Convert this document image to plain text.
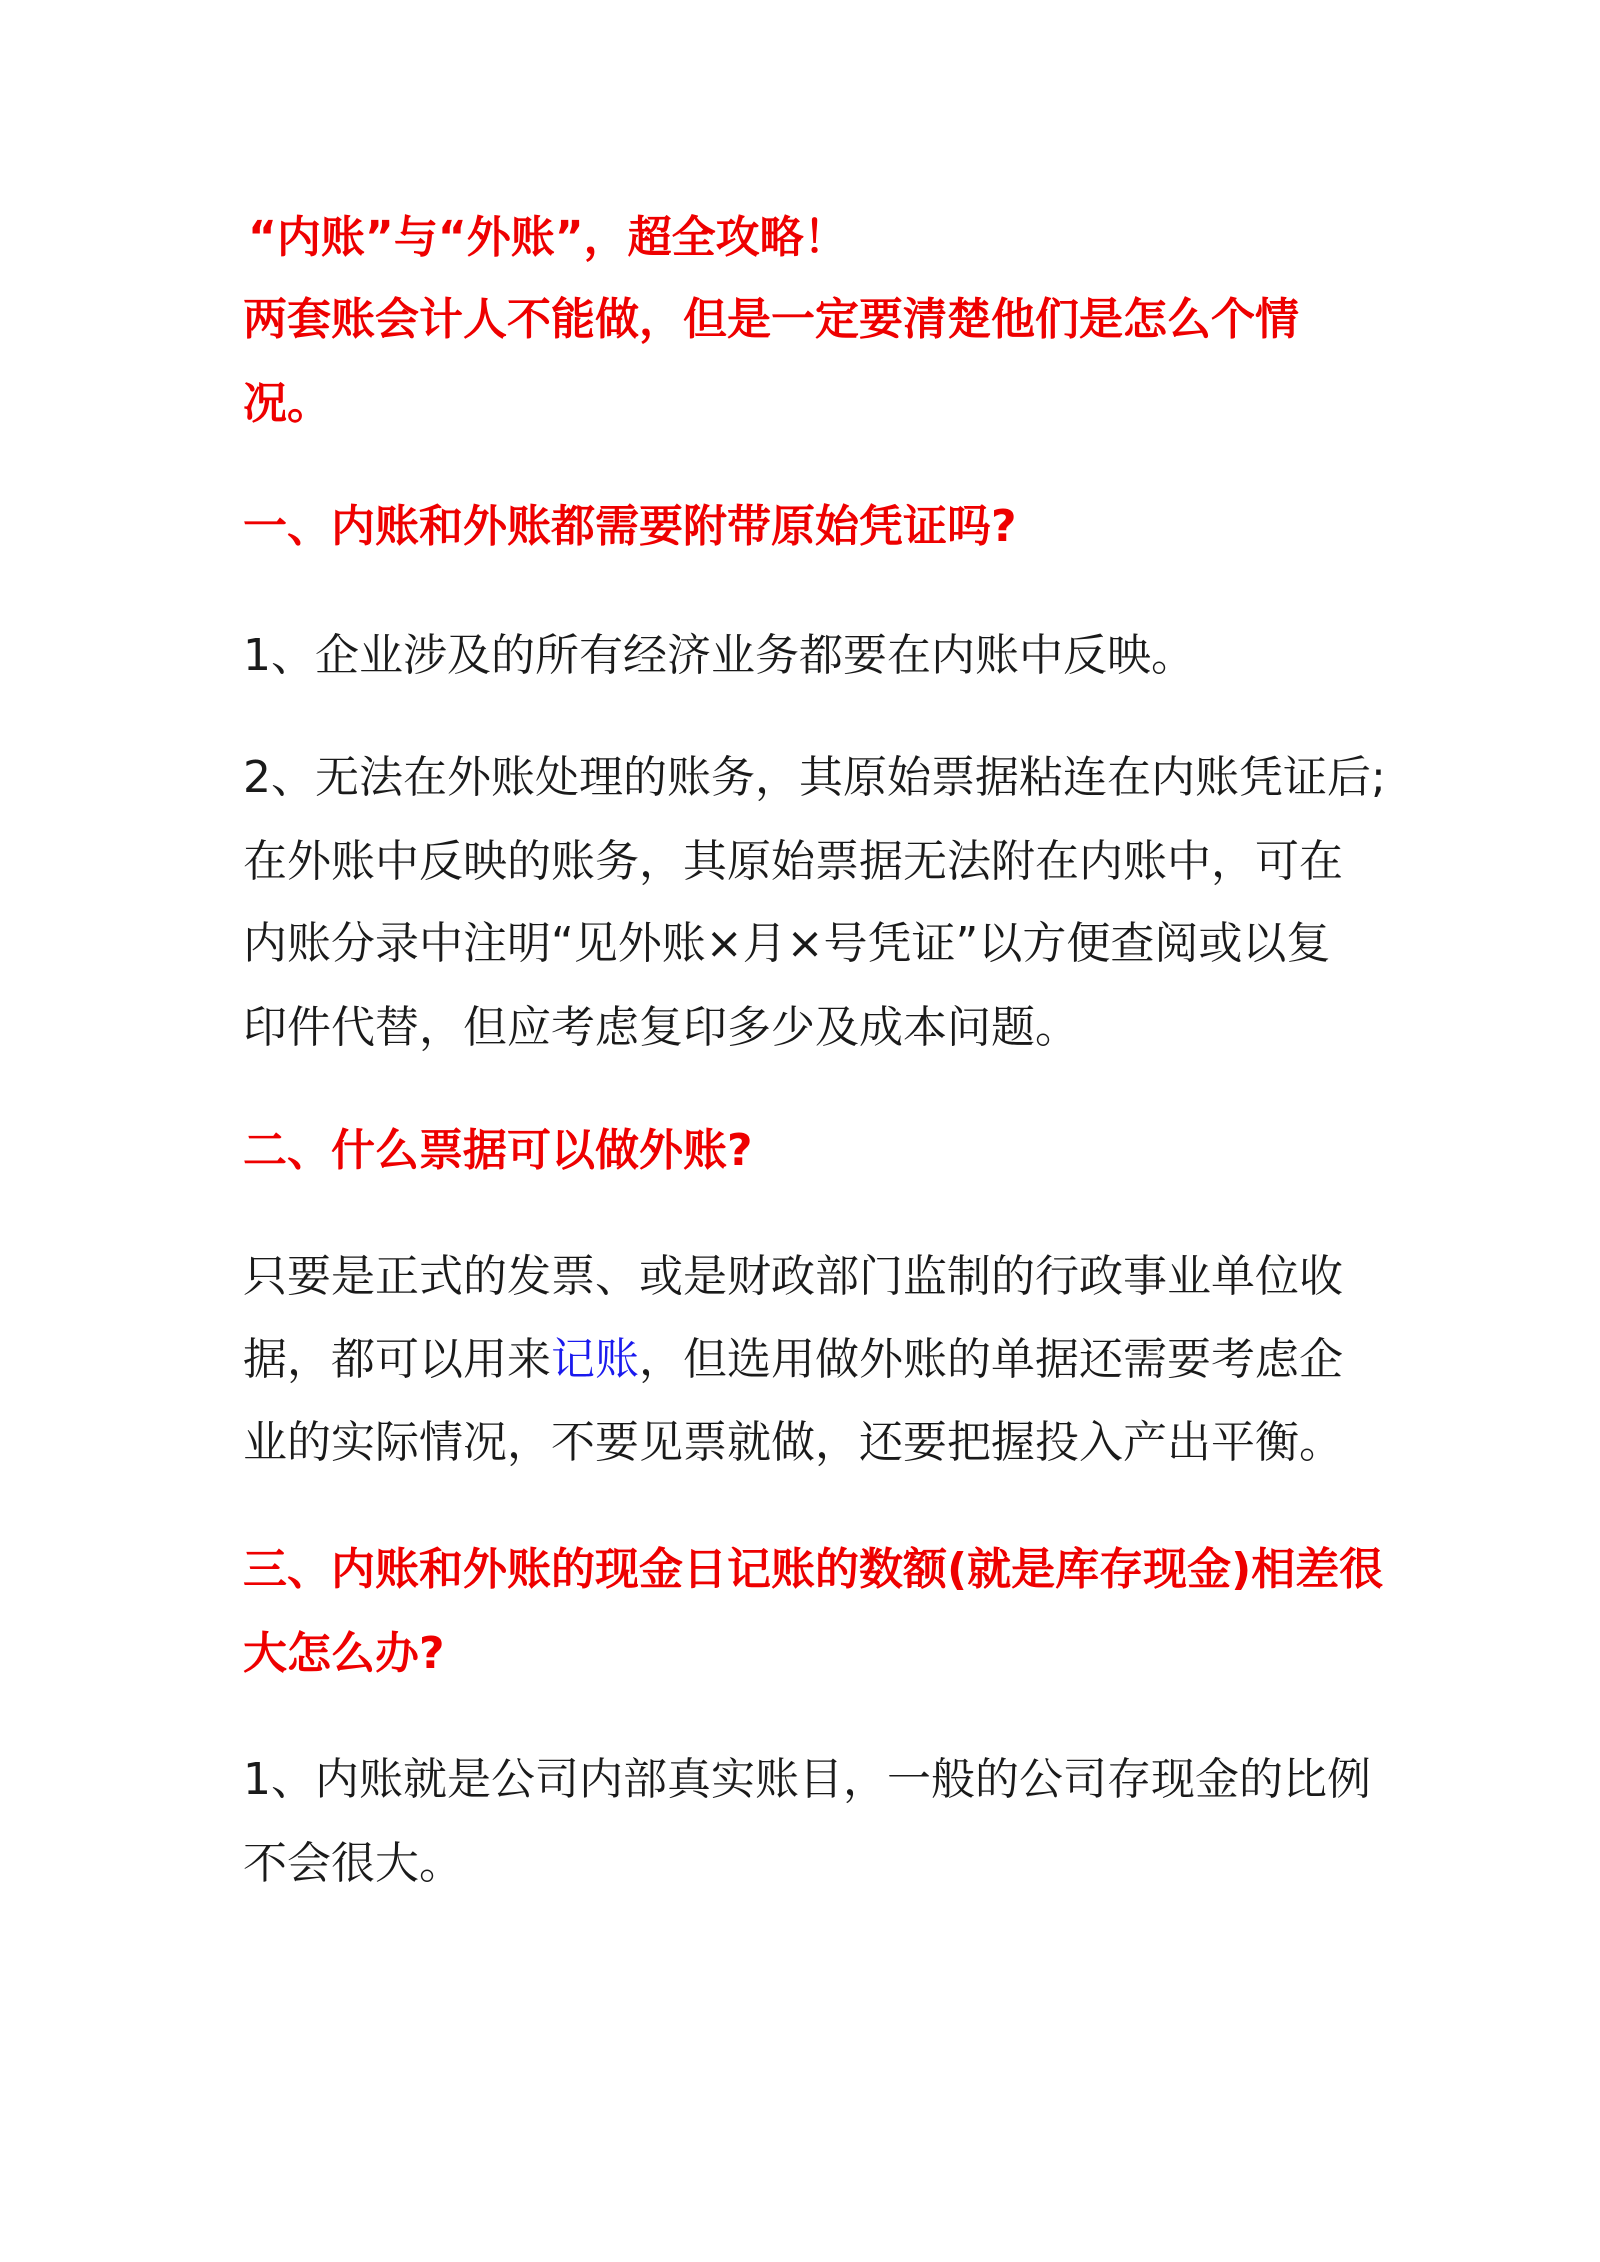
“内账”与“外账”，超全攻略！
两套账会计人不能做，但是一定要清楚他们是怎么个情
况。
一、内账和外账都需要附带原始凭证吗?
1、企业涉及的所有经济业务都要在内账中反映。
2、无法在外账处理的账务，其原始票据粘连在内账凭证后;
在外账中反映的账务，其原始票据无法附在内账中，可在
内账分录中注明“见外账×月×号凭证”以方便查阅或以复
印件代替，但应考虑复印多少及成本问题。
二、什么票据可以做外账?
只要是正式的发票、或是财政部门监制的行政事业单位收
据，都可以用来记账，但选用做外账的单据还需要考虑企
业的实际情况，不要见票就做，还要把握投入产出平衡。
三、内账和外账的现金日记账的数额(就是库存现金)相差很
大怎么办?
1、内账就是公司内部真实账目，一般的公司存现金的比例
不会很大。
